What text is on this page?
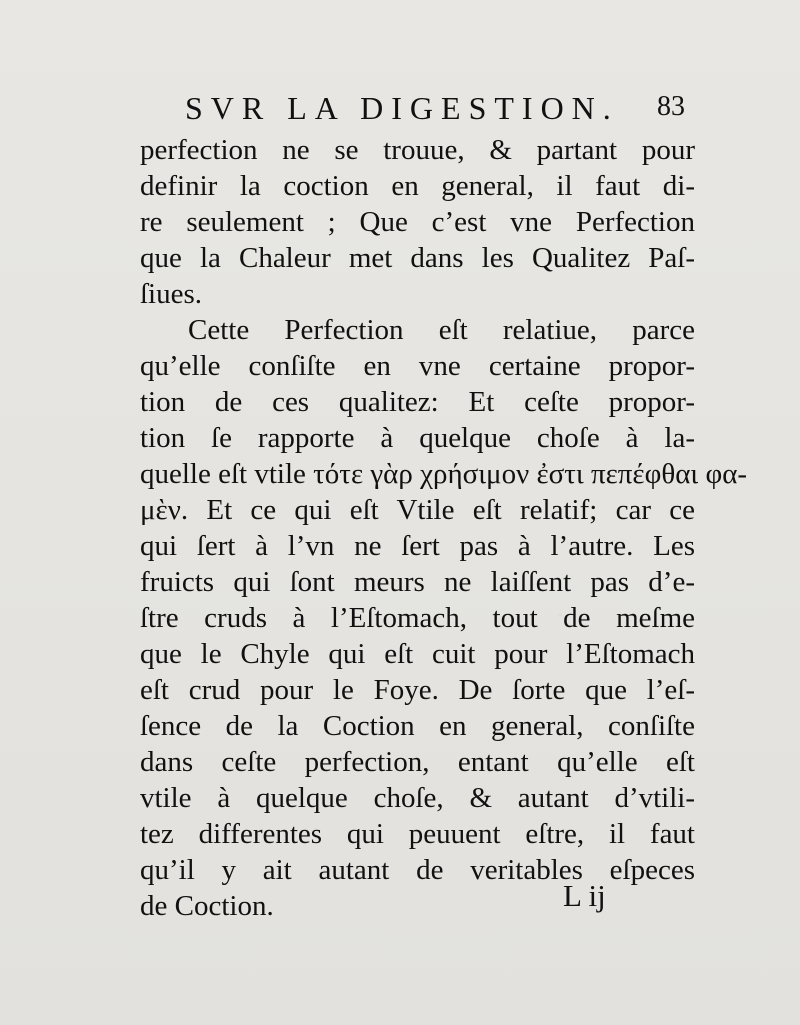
SVR LA DIGESTION. 83
perfection ne se trouue, & partant pour
definir la coction en general, il faut di-
re seulement ; Que c’est vne Perfection
que la Chaleur met dans les Qualitez Paſ-
ſiues.
Cette Perfection eſt relatiue, parce
qu’elle conſiſte en vne certaine propor-
tion de ces qualitez: Et ceſte propor-
tion ſe rapporte à quelque choſe à la-
quelle eſt vtile τότε γὰρ χρήσιμον ἐστι πεπέφθαι φα-
μὲν. Et ce qui eſt Vtile eſt relatif; car ce
qui ſert à l’vn ne ſert pas à l’autre. Les
fruicts qui ſont meurs ne laiſſent pas d’e-
ſtre cruds à l’Eſtomach, tout de meſme
que le Chyle qui eſt cuit pour l’Eſtomach
eſt crud pour le Foye. De ſorte que l’eſ-
ſence de la Coction en general, conſiſte
dans ceſte perfection, entant qu’elle eſt
vtile à quelque choſe, & autant d’vtili-
tez differentes qui peuuent eſtre, il faut
qu’il y ait autant de veritables eſpeces
de Coction.	L ij
